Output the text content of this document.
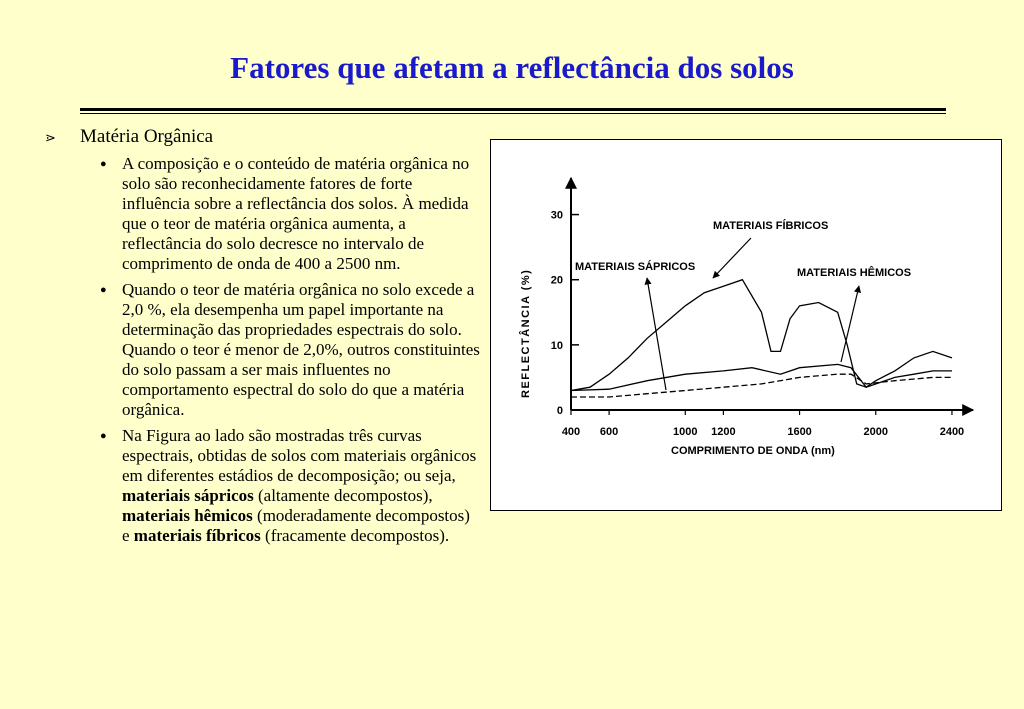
Fatores que afetam a reflectância dos solos
⋗	Matéria Orgânica
● A composição e o conteúdo de matéria orgânica no solo são reconhecidamente fatores de forte influência sobre a reflectância dos solos. À medida que o teor de matéria orgânica aumenta, a reflectância do solo decresce no intervalo de comprimento de onda de 400 a 2500 nm.
● Quando o teor de matéria orgânica no solo excede a 2,0 %, ela desempenha um papel importante na determinação das propriedades espectrais do solo. Quando o teor é menor de 2,0%, outros constituintes do solo passam a ser mais influentes no comportamento espectral do solo do que a matéria orgânica.
● Na Figura ao lado são mostradas três curvas espectrais, obtidas de solos com materiais orgânicos em diferentes estádios de decomposição; ou seja, materiais sápricos (altamente decompostos), materiais hêmicos (moderadamente decompostos) e materiais fíbricos (fracamente decompostos).
0
10
20
30
400 600	1000 1200	1600	2000	2400
REFLECTÂNCIA (%)
COMPRIMENTO DE ONDA (nm)
MATERIAIS FÍBRICOS
MATERIAIS SÁPRICOS	MATERIAIS HÊMICOS
